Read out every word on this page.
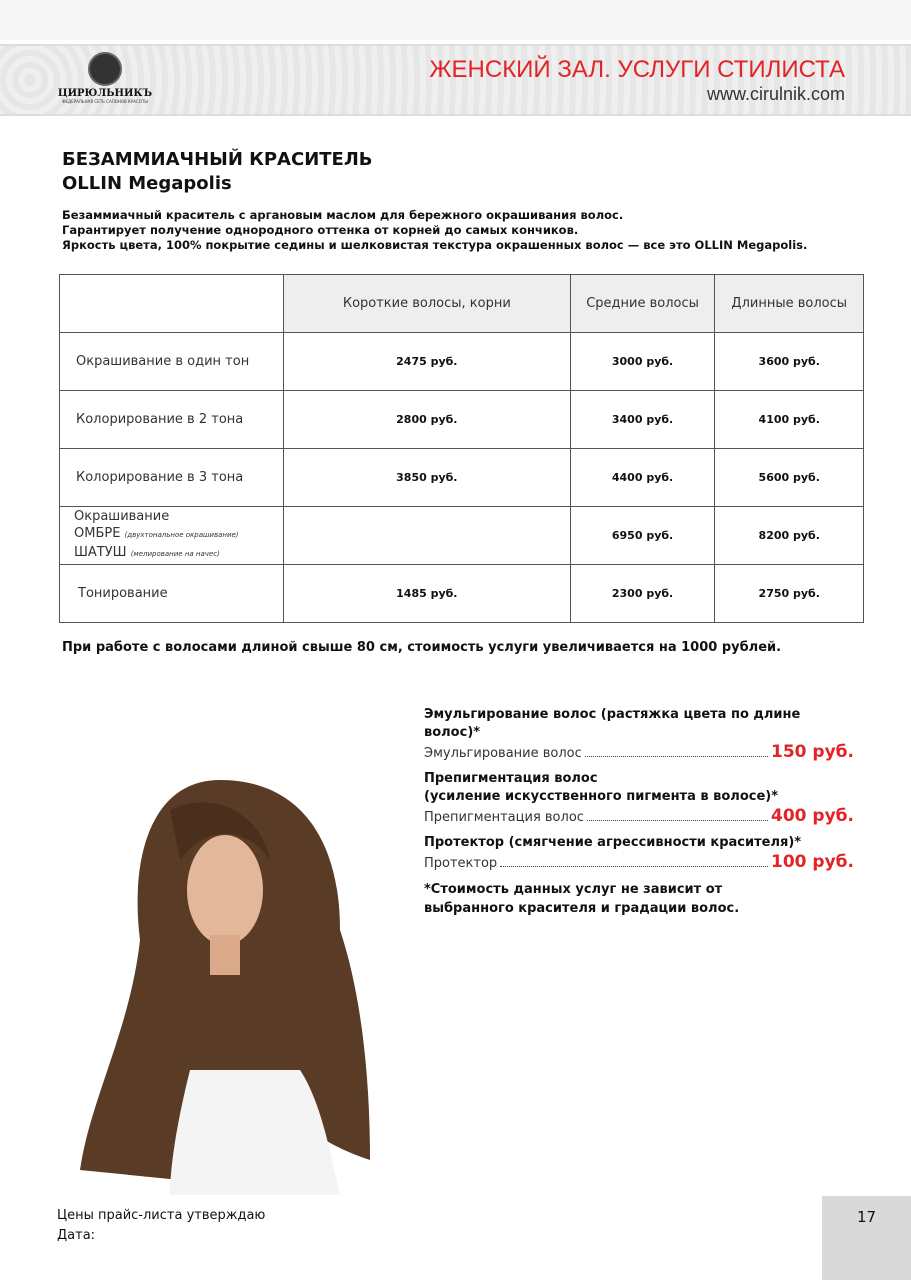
ЦИРЮЛЬНИКЪ
ФЕДЕРАЛЬНАЯ СЕТЬ САЛОНОВ КРАСОТЫ
ЖЕНСКИЙ ЗАЛ. УСЛУГИ СТИЛИСТА
www.cirulnik.com
БЕЗАММИАЧНЫЙ КРАСИТЕЛЬ
OLLIN Megapolis
Безаммиачный краситель с аргановым маслом для бережного окрашивания волос.
Гарантирует получение однородного оттенка от корней до самых кончиков.
Яркость цвета, 100% покрытие седины и шелковистая текстура окрашенных волос — все это OLLIN Megapolis.
	Короткие волосы, корни	Средние волосы	Длинные волосы
Окрашивание в один тон	2475 руб.	3000 руб.	3600 руб.
Колорирование в 2 тона	2800 руб.	3400 руб.	4100 руб.
Колорирование в 3 тона	3850 руб.	4400 руб.	5600 руб.

Окрашивание
ОМБРЕ (двухтональное окрашивание)
ШАТУШ (мелирование на начес)		6950 руб.	8200 руб.
Тонирование	1485 руб.	2300 руб.	2750 руб.
При работе с волосами длиной свыше 80 см, стоимость услуги увеличивается на 1000 рублей.
Эмульгирование волос (растяжка цвета по длине волос)*
Эмульгирование волос	150 руб.
Препигментация волос
(усиление искусственного пигмента в волосе)*
Препигментация волос	400 руб.
Протектор (смягчение агрессивности красителя)*
Протектор	100 руб.
*Стоимость данных услуг не зависит от
выбранного красителя и градации волос.
Цены прайс-листа утверждаю
Дата:
17
